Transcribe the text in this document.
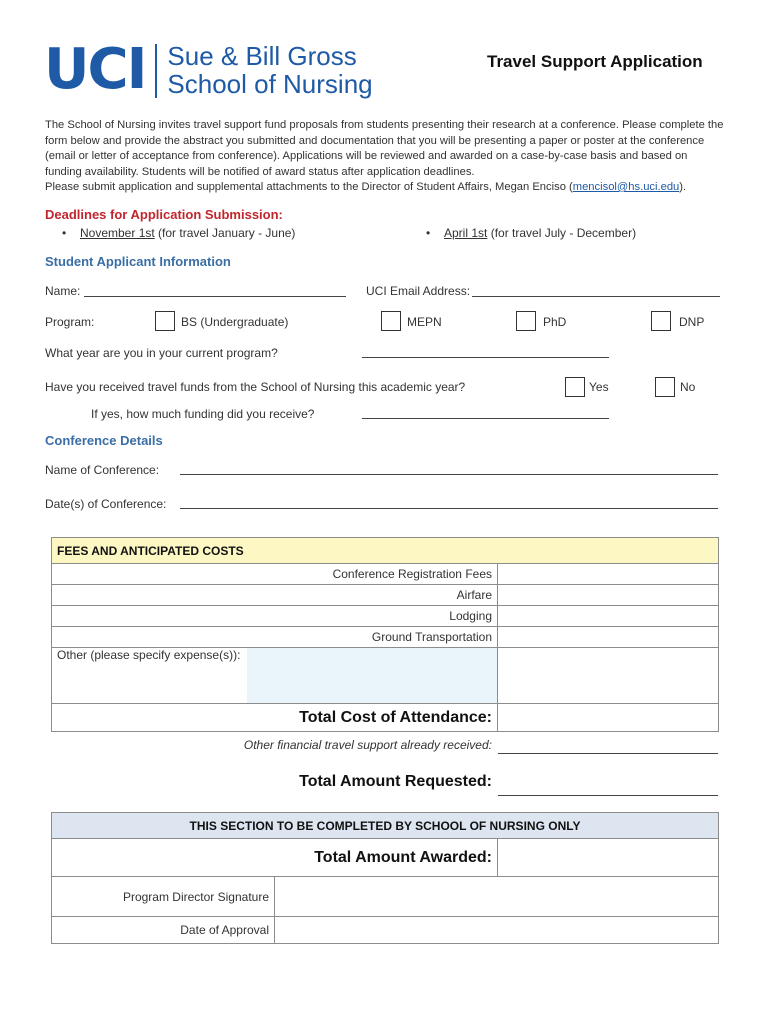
UCI Sue & Bill Gross
School of Nursing
Travel Support Application
The School of Nursing invites travel support fund proposals from students presenting their research at a conference. Please complete the form below and provide the abstract you submitted and documentation that you will be presenting a paper or poster at the conference (email or letter of acceptance from conference). Applications will be reviewed and awarded on a case-by-case basis and based on funding availability. Students will be notified of award status after application deadlines.
Please submit application and supplemental attachments to the Director of Student Affairs, Megan Enciso (mencisol@hs.uci.edu).
Deadlines for Application Submission:
• November 1st (for travel January - June)	• April 1st (for travel July - December)
Student Applicant Information
Name:	UCI Email Address:
Program:	BS (Undergraduate)	MEPN	PhD	DNP
What year are you in your current program?
Have you received travel funds from the School of Nursing this academic year?	Yes	No
If yes, how much funding did you receive?
Conference Details
Name of Conference:
Date(s) of Conference:
FEES AND ANTICIPATED COSTS	
Conference Registration Fees	
Airfare	
Lodging	
Ground Transportation	

Other (please specify expense(s)):	
Total Cost of Attendance:	
Other financial travel support already received:
Total Amount Requested:
THIS SECTION TO BE COMPLETED BY SCHOOL OF NURSING ONLY
Total Amount Awarded:	
Program Director Signature	
Date of Approval	
